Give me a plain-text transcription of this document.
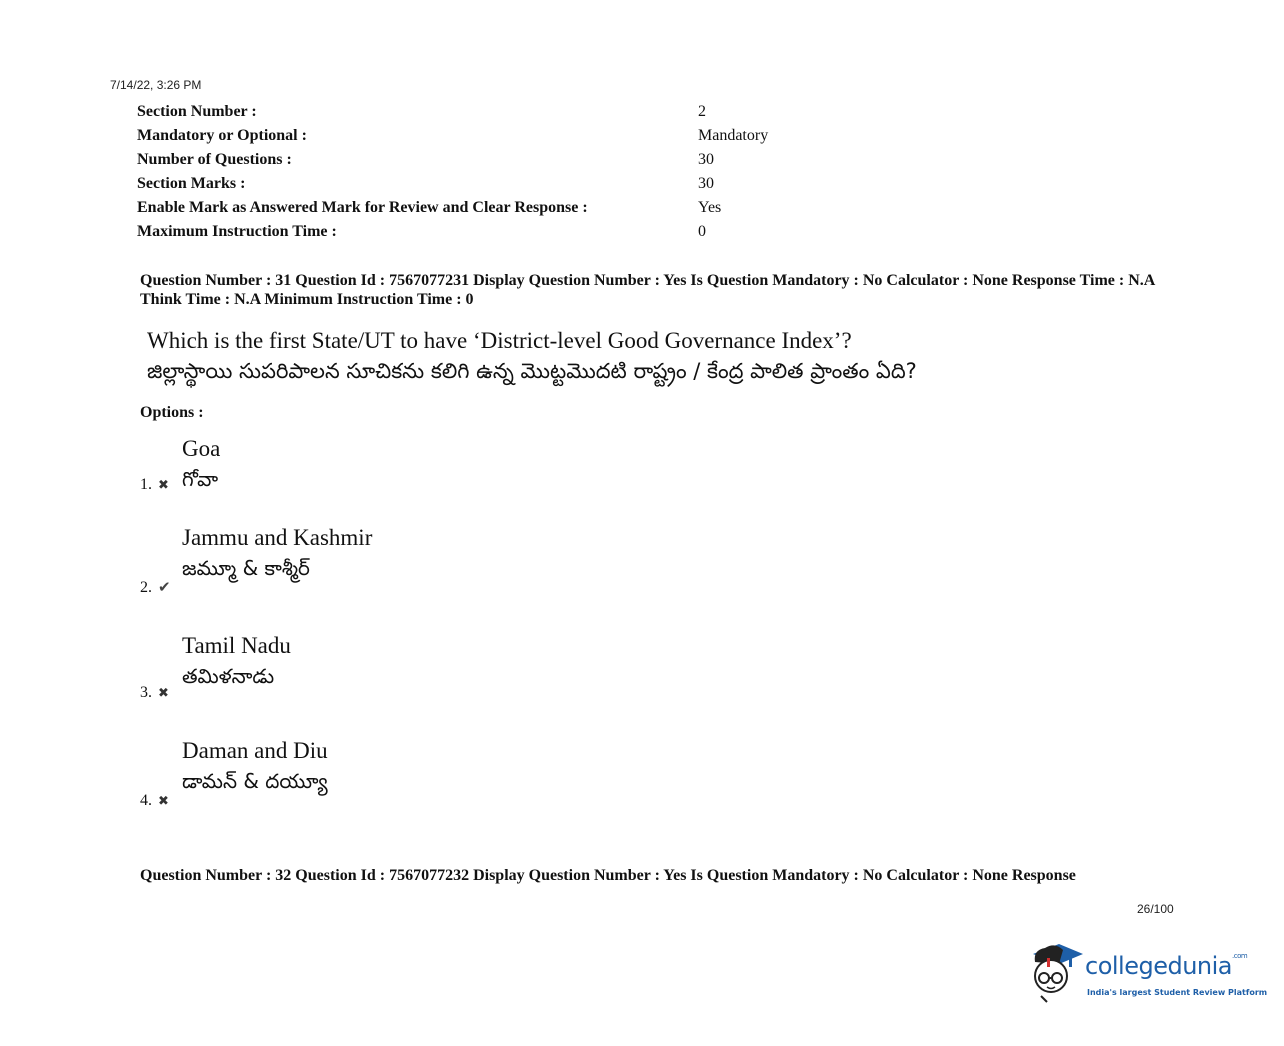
7/14/22, 3:26 PM
Section Number :	2
Mandatory or Optional :	Mandatory
Number of Questions :	30
Section Marks :	30
Enable Mark as Answered Mark for Review and Clear Response :	Yes
Maximum Instruction Time :	0
Question Number : 31 Question Id : 7567077231 Display Question Number : Yes Is Question Mandatory : No Calculator : None Response Time : N.A Think Time : N.A Minimum Instruction Time : 0
Which is the first State/UT to have ‘District-level Good Governance Index’?
జిల్లాస్థాయి సుపరిపాలన సూచికను కలిగి ఉన్న మొట్టమొదటి రాష్ట్రం / కేంద్ర పాలిత ప్రాంతం ఏది?
Options :
Goa
గోవా
1. ✖
Jammu and Kashmir
జమ్మూ & కాశ్మీర్
2. ✔
Tamil Nadu
తమిళనాడు
3. ✖
Daman and Diu
డామన్ & దయ్యూ
4. ✖
Question Number : 32 Question Id : 7567077232 Display Question Number : Yes Is Question Mandatory : No Calculator : None Response
26/100
collegedunia$^{.com}$
India's largest Student Review Platform
